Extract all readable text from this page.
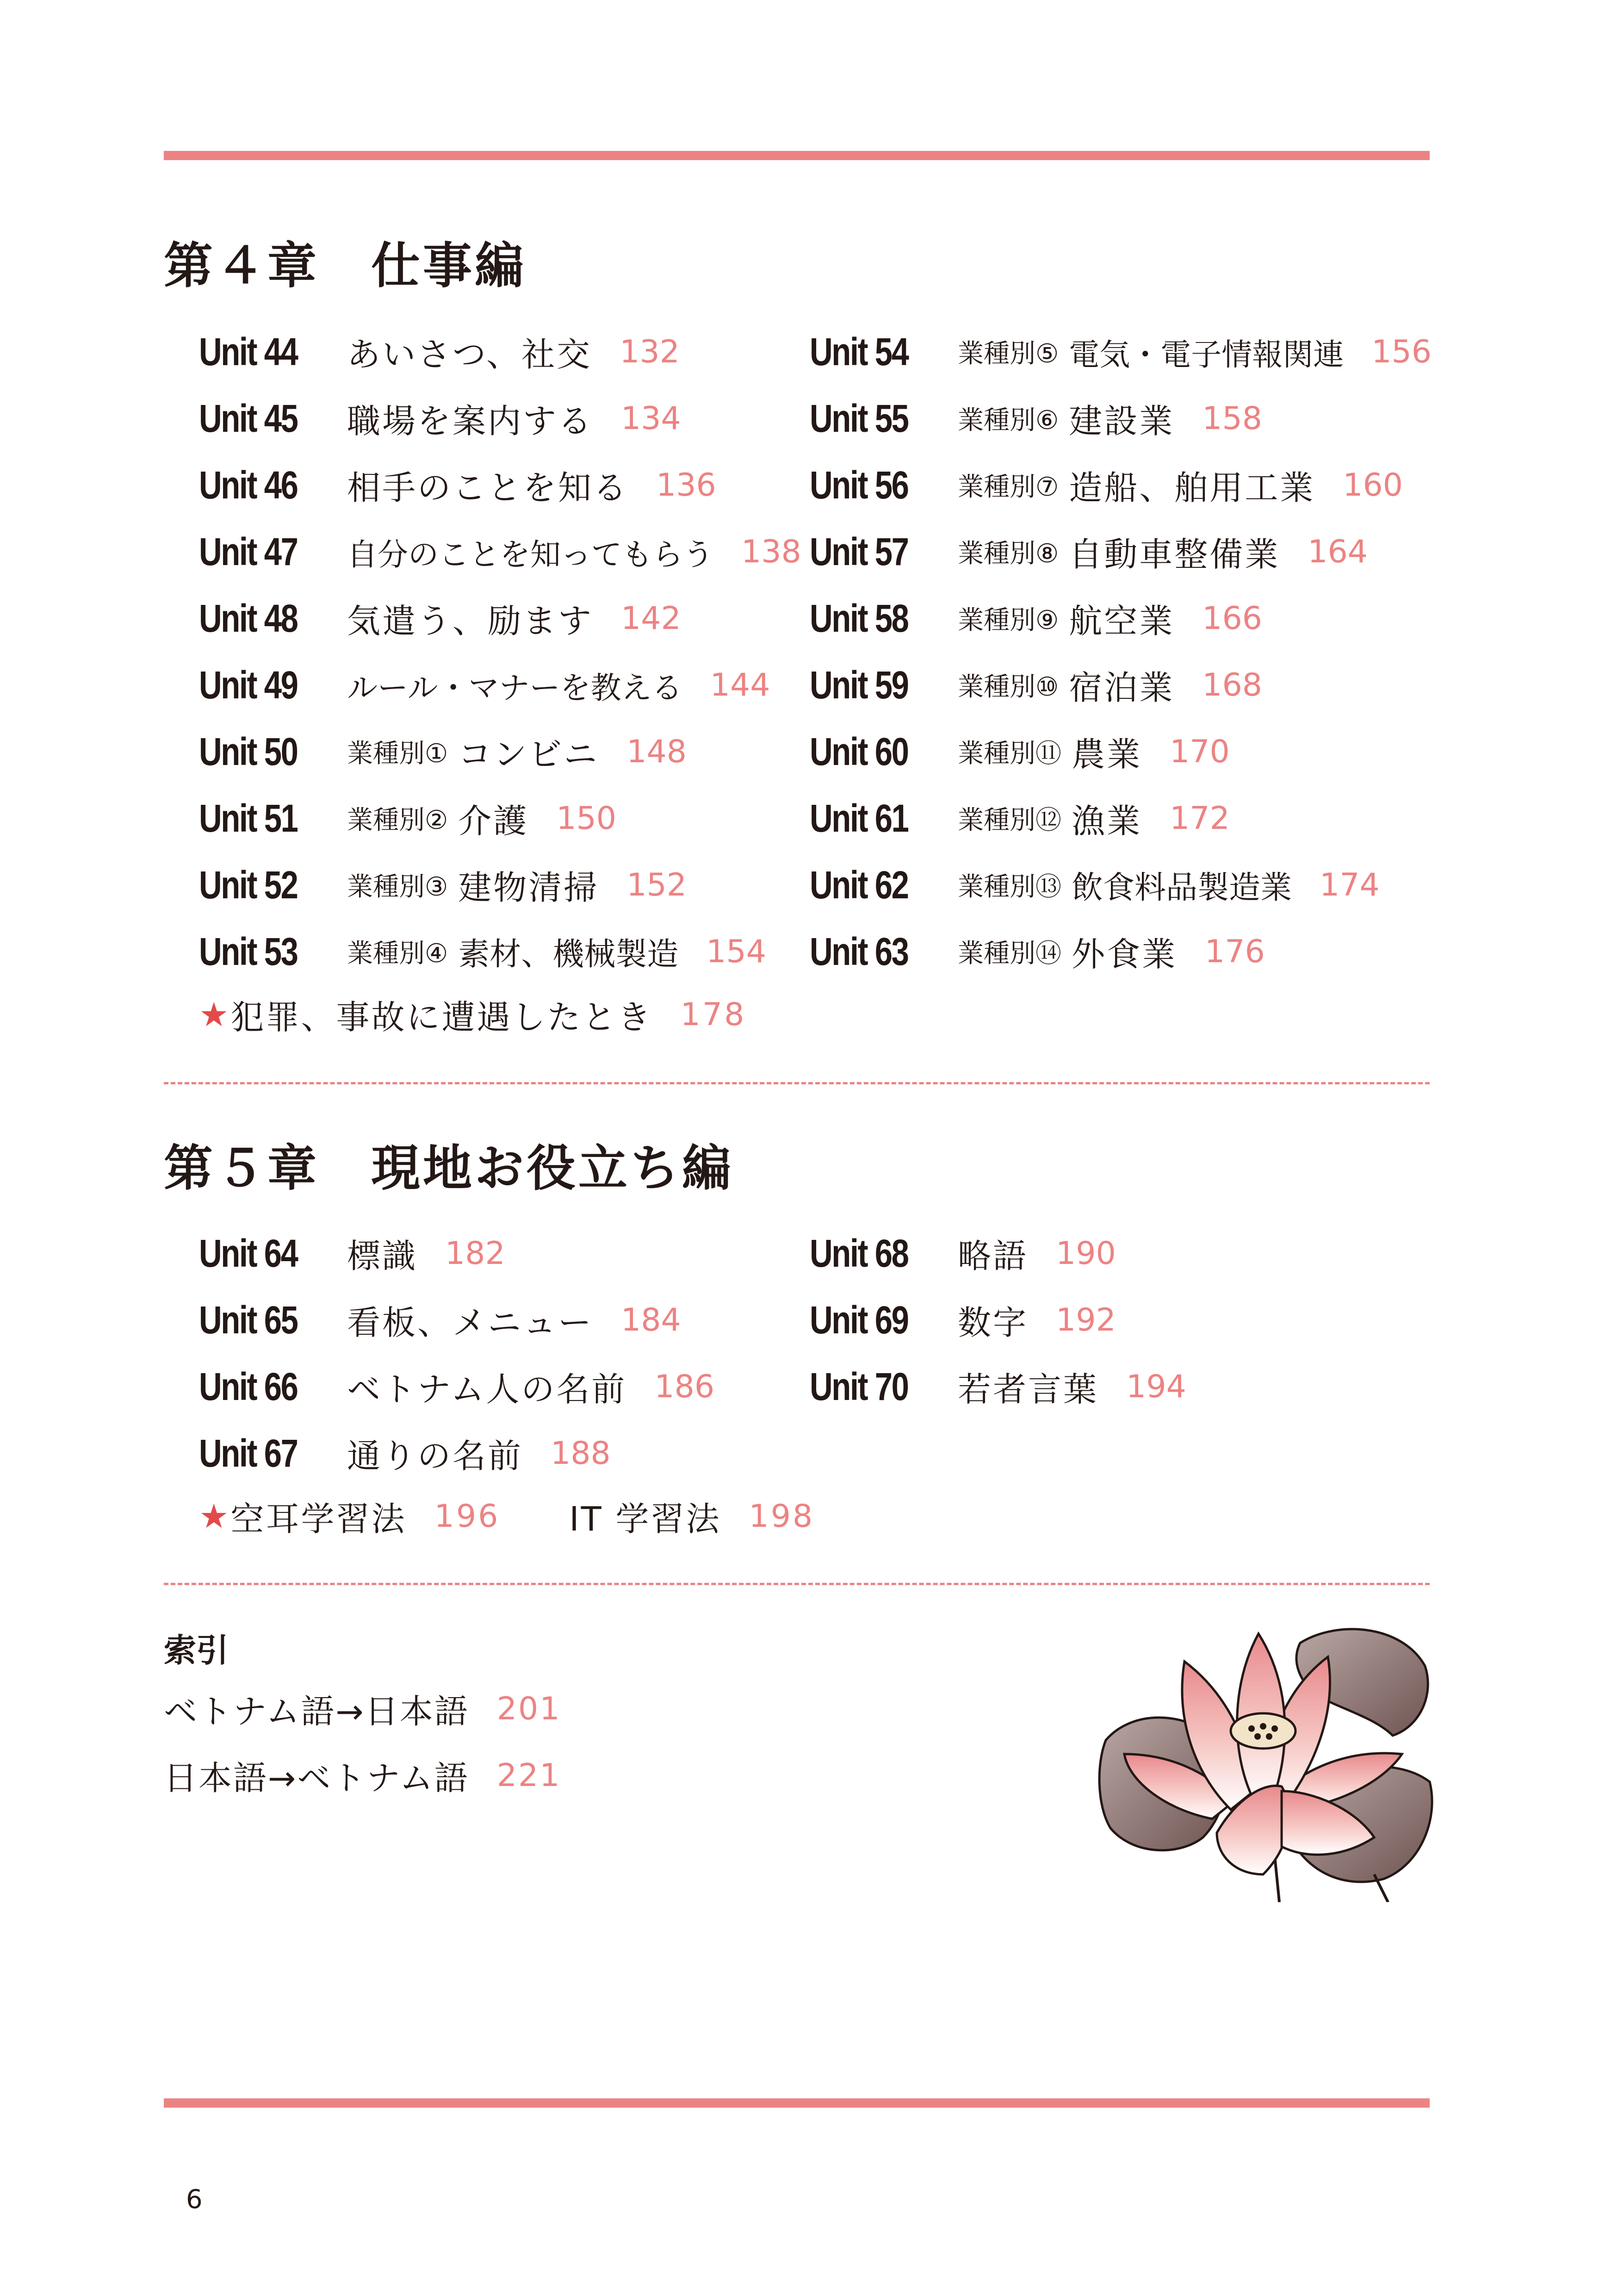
第４章　仕事編
Unit 44	あいさつ、社交 132
Unit 45	職場を案内する 134
Unit 46	相手のことを知る 136
Unit 47	自分のことを知ってもらう 138
Unit 48	気遣う、励ます 142
Unit 49	ルール・マナーを教える 144
Unit 50	業種別① コンビニ 148
Unit 51	業種別② 介護 150
Unit 52	業種別③ 建物清掃 152
Unit 53	業種別④ 素材、機械製造 154
Unit 54	業種別⑤ 電気・電子情報関連 156
Unit 55	業種別⑥ 建設業 158
Unit 56	業種別⑦ 造船、舶用工業 160
Unit 57	業種別⑧ 自動車整備業 164
Unit 58	業種別⑨ 航空業 166
Unit 59	業種別⑩ 宿泊業 168
Unit 60	業種別⑪ 農業 170
Unit 61	業種別⑫ 漁業 172
Unit 62	業種別⑬ 飲食料品製造業 174
Unit 63	業種別⑭ 外食業 176
★ 犯罪、事故に遭遇したとき 178
第５章　現地お役立ち編
Unit 64	標識 182
Unit 65	看板、メニュー 184
Unit 66	ベトナム人の名前 186
Unit 67	通りの名前 188
Unit 68	略語 190
Unit 69	数字 192
Unit 70	若者言葉 194
★ 空耳学習法 196 IT 学習法 198
索引
ベトナム語→日本語 201
日本語→ベトナム語 221
6
